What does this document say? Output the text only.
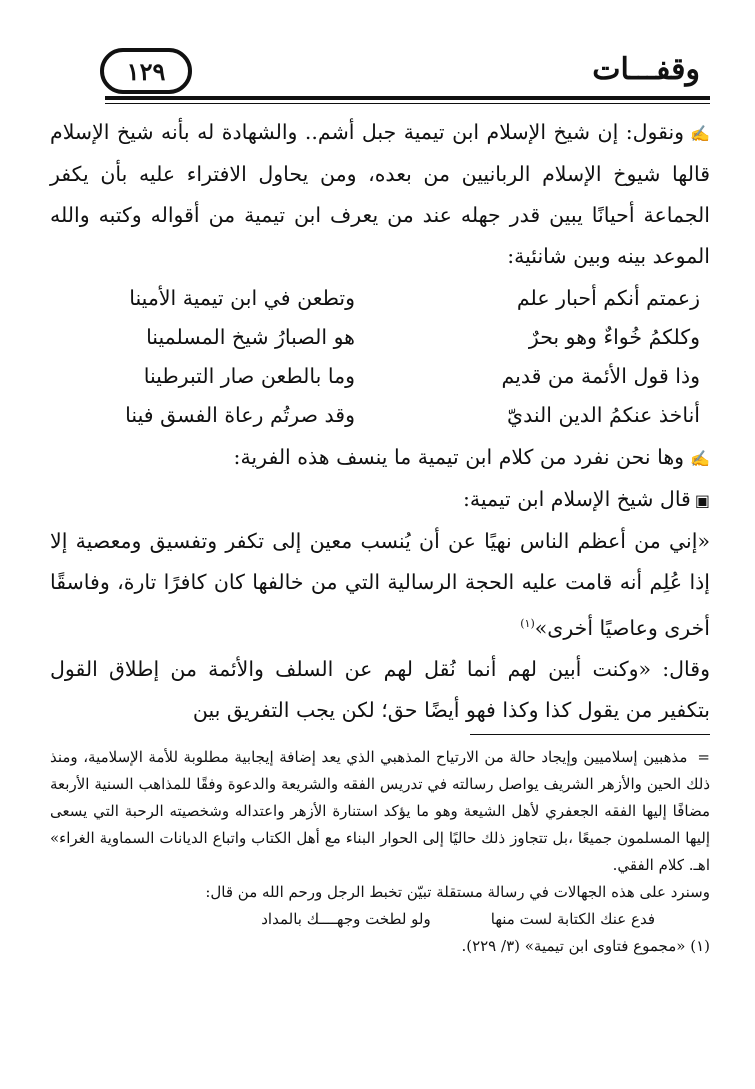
وقفـــات
١٢٩

✍ونقول: إن شيخ الإسلام ابن تيمية جبل أشم.. والشهادة له بأنه شيخ الإسلام قالها شيوخ الإسلام الربانيين من بعده، ومن يحاول الافتراء عليه بأن يكفر الجماعة أحيانًا يبين قدر جهله عند من يعرف ابن تيمية من أقواله وكتبه والله الموعد بينه وبين شانئية:

زعمتم أنكم أحبار علم
وتطعن في ابن تيمية الأمينا
وكلكمُ خُواءٌ وهو بحرٌ
هو الصبارُ شيخ المسلمينا
وذا قول الأئمة من قديم
وما بالطعن صار التبرطينا
أناخذ عنكمُ الدين النديّ
وقد صرتُم رعاة الفسق فينا

✍وها نحن نفرد من كلام ابن تيمية ما ينسف هذه الفرية:

▣قال شيخ الإسلام ابن تيمية:

«إني من أعظم الناس نهيًا عن أن يُنسب معين إلى تكفر وتفسيق ومعصية إلا إذا عُلِم أنه قامت عليه الحجة الرسالية التي من خالفها كان كافرًا تارة، وفاسقًا أخرى وعاصيًا أخرى»$^{(١)}$

وقال: «وكنت أبين لهم أنما نُقل لهم عن السلف والأئمة من إطلاق القول بتكفير من يقول كذا وكذا فهو أيضًا حق؛ لكن يجب التفريق بين

=مذهبين إسلاميين وإيجاد حالة من الارتياح المذهبي الذي يعد إضافة إيجابية مطلوبة للأمة الإسلامية، ومنذ ذلك الحين والأزهر الشريف يواصل رسالته في تدريس الفقه والشريعة والدعوة وفقًا للمذاهب السنية الأربعة مضافًا إليها الفقه الجعفري لأهل الشيعة وهو ما يؤكد استنارة الأزهر واعتداله وشخصيته الرحبة التي يسعى إليها المسلمون جميعًا ،بل تتجاوز ذلك حاليًا إلى الحوار البناء مع أهل الكتاب واتباع الديانات السماوية الغراء» اهـ. كلام الفقي.

وسنرد على هذه الجهالات في رسالة مستقلة تبيّن تخبط الرجل ورحم الله من قال:

فدع عنك الكتابة لست منها
ولو لطخت وجهــــك بالمداد

(١) «مجموع فتاوى ابن تيمية» (٣/ ٢٢٩).
